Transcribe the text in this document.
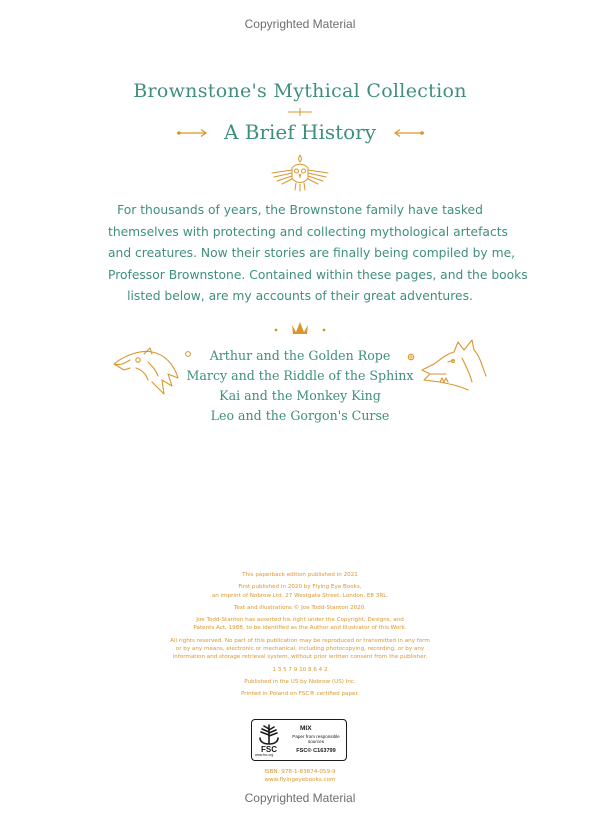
Copyrighted Material
Brownstone's Mythical Collection
A Brief History
For thousands of years, the Brownstone family have tasked
themselves with protecting and collecting mythological artefacts
and creatures. Now their stories are finally being compiled by me,
Professor Brownstone. Contained within these pages, and the books
listed below, are my accounts of their great adventures.
Arthur and the Golden Rope
Marcy and the Riddle of the Sphinx
Kai and the Monkey King
Leo and the Gorgon's Curse
This paperback edition published in 2021
First published in 2020 by Flying Eye Books,
an imprint of Nobrow Ltd. 27 Westgate Street, London, E8 3RL.
Text and illustrations © Joe Todd-Stanton 2020.
Joe Todd-Stanton has asserted his right under the Copyright, Designs, and
Patents Act, 1988, to be identified as the Author and Illustrator of this Work.
All rights reserved. No part of this publication may be reproduced or transmitted in any form
or by any means, electronic or mechanical, including photocopying, recording, or by any
information and storage retrieval system, without prior written consent from the publisher.
1 3 5 7 9 10 8 6 4 2
Published in the US by Nobrow (US) Inc.
Printed in Poland on FSC® certified paper.
FSC
www.fsc.org
MIX
Paper from responsible sources
FSC® C163799
ISBN: 978-1-83874-059-9
www.flyingeyebooks.com
Copyrighted Material
